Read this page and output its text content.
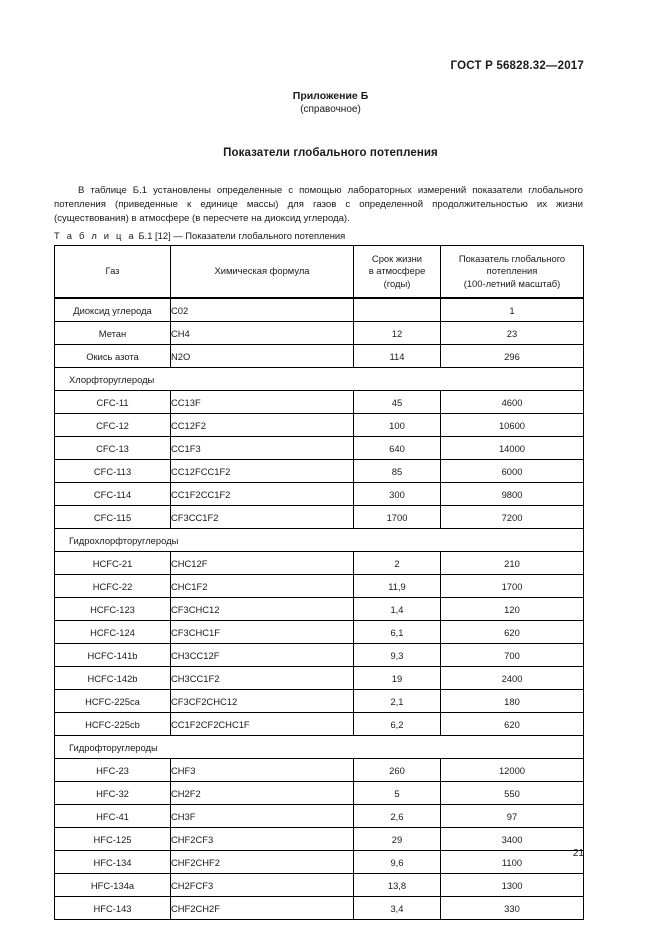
ГОСТ Р 56828.32—2017
Приложение Б
(справочное)
Показатели глобального потепления

В таблице Б.1 установлены определенные с помощью лабораторных измерений показатели глобального потепления (приведенные к единице массы) для газов с определенной продолжительностью их жизни (существования) в атмосфере (в пересчете на диоксид углерода).

Т а б л и ц а Б.1 [12] — Показатели глобального потепления
Газ	Химическая формула	Срок жизни
в атмосфере
(годы)	Показатель глобального
потепления
(100-летний масштаб)

Диоксид углерода	C02		1
Метан	CH4	12	23
Окись азота	N2O	114	296
Хлорфторуглероды			
CFC-11	CC13F	45	4600
CFC-12	CC12F2	100	10600
CFC-13	CC1F3	640	14000
CFC-113	CC12FCC1F2	85	6000
CFC-114	CC1F2CC1F2	300	9800
CFC-115	CF3CC1F2	1700	7200
Гидрохлорфторуглероды			
HCFC-21	CHC12F	2	210
HCFC-22	CHC1F2	11,9	1700
HCFC-123	CF3CHC12	1,4	120
HCFC-124	CF3CHC1F	6,1	620
HCFC-141b	CH3CC12F	9,3	700
HCFC-142b	CH3CC1F2	19	2400
HCFC-225ca	CF3CF2CHC12	2,1	180
HCFC-225cb	CC1F2CF2CHC1F	6,2	620
Гидрофторуглероды			
HFC-23	CHF3	260	12000
HFC-32	CH2F2	5	550
HFC-41	CH3F	2,6	97
HFC-125	CHF2CF3	29	3400
HFC-134	CHF2CHF2	9,6	1100
HFC-134a	CH2FCF3	13,8	1300
HFC-143	CHF2CH2F	3,4	330
21
